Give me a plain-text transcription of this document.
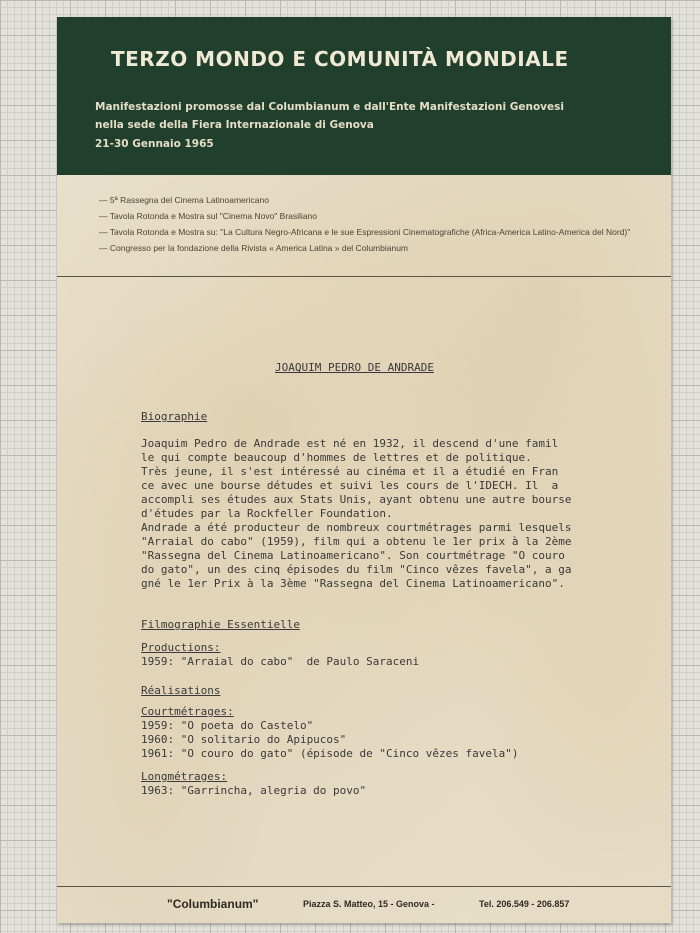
TERZO MONDO E COMUNITÀ MONDIALE
Manifestazioni promosse dal Columbianum e dall'Ente Manifestazioni Genovesi
nella sede della Fiera Internazionale di Genova
21-30 Gennaio 1965
— 5ª Rassegna del Cinema Latinoamericano
— Tavola Rotonda e Mostra sul "Cinema Novo" Brasiliano
— Tavola Rotonda e Mostra su: "La Cultura Negro-Africana e le sue Espressioni Cinematografiche (Africa-America Latino-America del Nord)"
— Congresso per la fondazione della Rivista « America Latina » del Columbianum
JOAQUIM PEDRO DE ANDRADE
Biographie
Joaquim Pedro de Andrade est né en 1932, il descend d'une famil
le qui compte beaucoup d'hommes de lettres et de politique.
Très jeune, il s'est intéressé au cinéma et il a étudié en Fran
ce avec une bourse détudes et suivi les cours de l'IDECH. Il  a
accompli ses études aux Stats Unis, ayant obtenu une autre bourse
d'études par la Rockfeller Foundation.
Andrade a été producteur de nombreux courtmétrages parmi lesquels
"Arraial do cabo" (1959), film qui a obtenu le 1er prix à la 2ème
"Rassegna del Cinema Latinoamericano". Son courtmétrage "O couro
do gato", un des cinq épisodes du film "Cinco vêzes favela", a ga
gné le 1er Prix à la 3ème "Rassegna del Cinema Latinoamericano".
Filmographie Essentielle
Productions:
1959: "Arraial do cabo"  de Paulo Saraceni
Réalisations
Courtmétrages:
1959: "O poeta do Castelo"
1960: "O solitario do Apipucos"
1961: "O couro do gato" (épisode de "Cinco vêzes favela")
Longmétrages:
1963: "Garrincha, alegria do povo"
"Columbianum"	Piazza S. Matteo, 15 - Genova -	Tel. 206.549 - 206.857
